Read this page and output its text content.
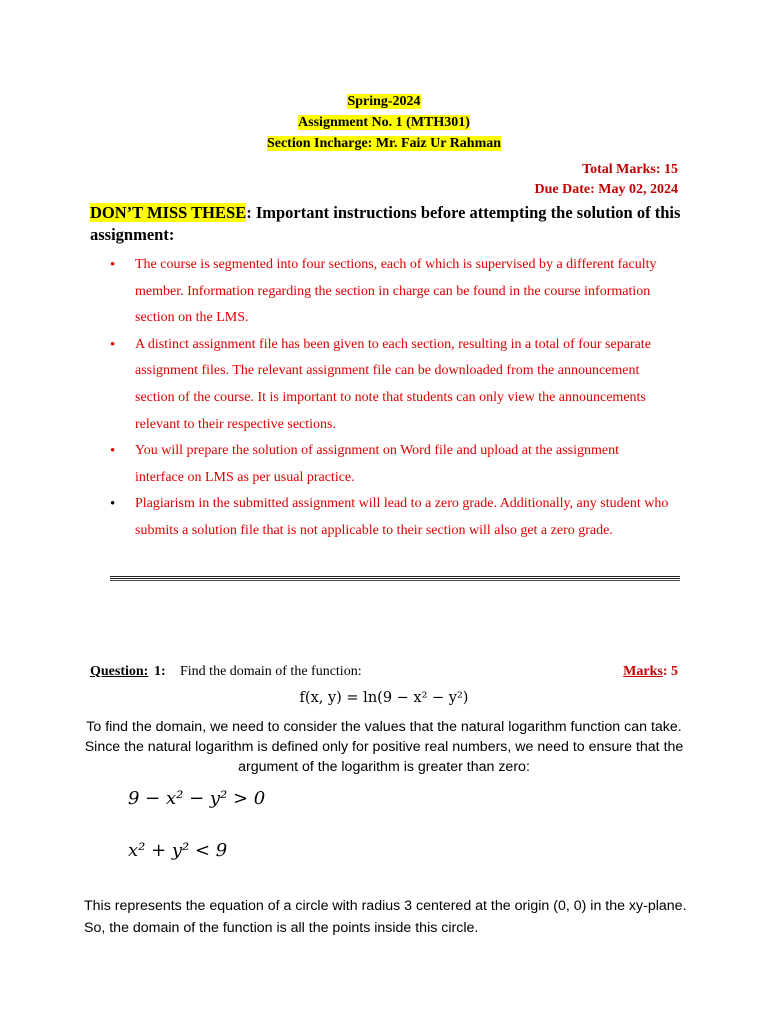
Spring-2024
Assignment No. 1 (MTH301)
Section Incharge: Mr. Faiz Ur Rahman
Total Marks: 15
Due Date: May 02, 2024
DON’T MISS THESE: Important instructions before attempting the solution of this assignment:
• The course is segmented into four sections, each of which is supervised by a different faculty member. Information regarding the section in charge can be found in the course information section on the LMS.
• A distinct assignment file has been given to each section, resulting in a total of four separate assignment files. The relevant assignment file can be downloaded from the announcement section of the course. It is important to note that students can only view the announcements relevant to their respective sections.
• You will prepare the solution of assignment on Word file and upload at the assignment interface on LMS as per usual practice.
• Plagiarism in the submitted assignment will lead to a zero grade. Additionally, any student who submits a solution file that is not applicable to their section will also get a zero grade.
Question: 1: Find the domain of the function:	Marks: 5
f(x, y) = ln(9 − x² − y²)
To find the domain, we need to consider the values that the natural logarithm function can take. Since the natural logarithm is defined only for positive real numbers, we need to ensure that the argument of the logarithm is greater than zero:
9 − x² − y² > 0
x² + y² < 9
This represents the equation of a circle with radius 3 centered at the origin (0, 0) in the xy-plane. So, the domain of the function is all the points inside this circle.
